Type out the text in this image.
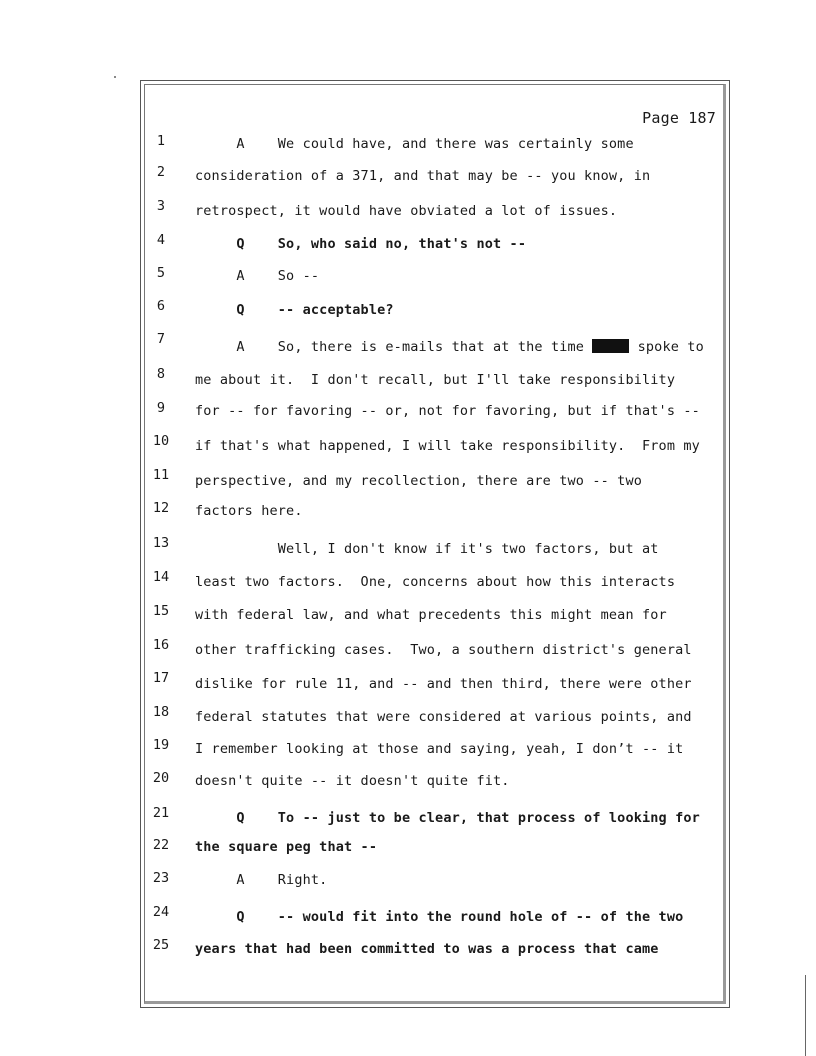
Page 187
1	A    We could have, and there was certainly some
2	consideration of a 371, and that may be -- you know, in
3	retrospect, it would have obviated a lot of issues.
4	Q    So, who said no, that's not --
5	A    So --
6	Q    -- acceptable?
7	A    So, there is e-mails that at the time	spoke to
8	me about it.  I don't recall, but I'll take responsibility
9	for -- for favoring -- or, not for favoring, but if that's --
10 if that's what happened, I will take responsibility.  From my
11 perspective, and my recollection, there are two -- two
12 factors here.
13 Well, I don't know if it's two factors, but at
14 least two factors.  One, concerns about how this interacts
15 with federal law, and what precedents this might mean for
16 other trafficking cases.  Two, a southern district's general
17 dislike for rule 11, and -- and then third, there were other
18 federal statutes that were considered at various points, and
19 I remember looking at those and saying, yeah, I don’t -- it
20 doesn't quite -- it doesn't quite fit.
21 Q    To -- just to be clear, that process of looking for
22 the square peg that --
23 A    Right.
24 Q    -- would fit into the round hole of -- of the two
25 years that had been committed to was a process that came
